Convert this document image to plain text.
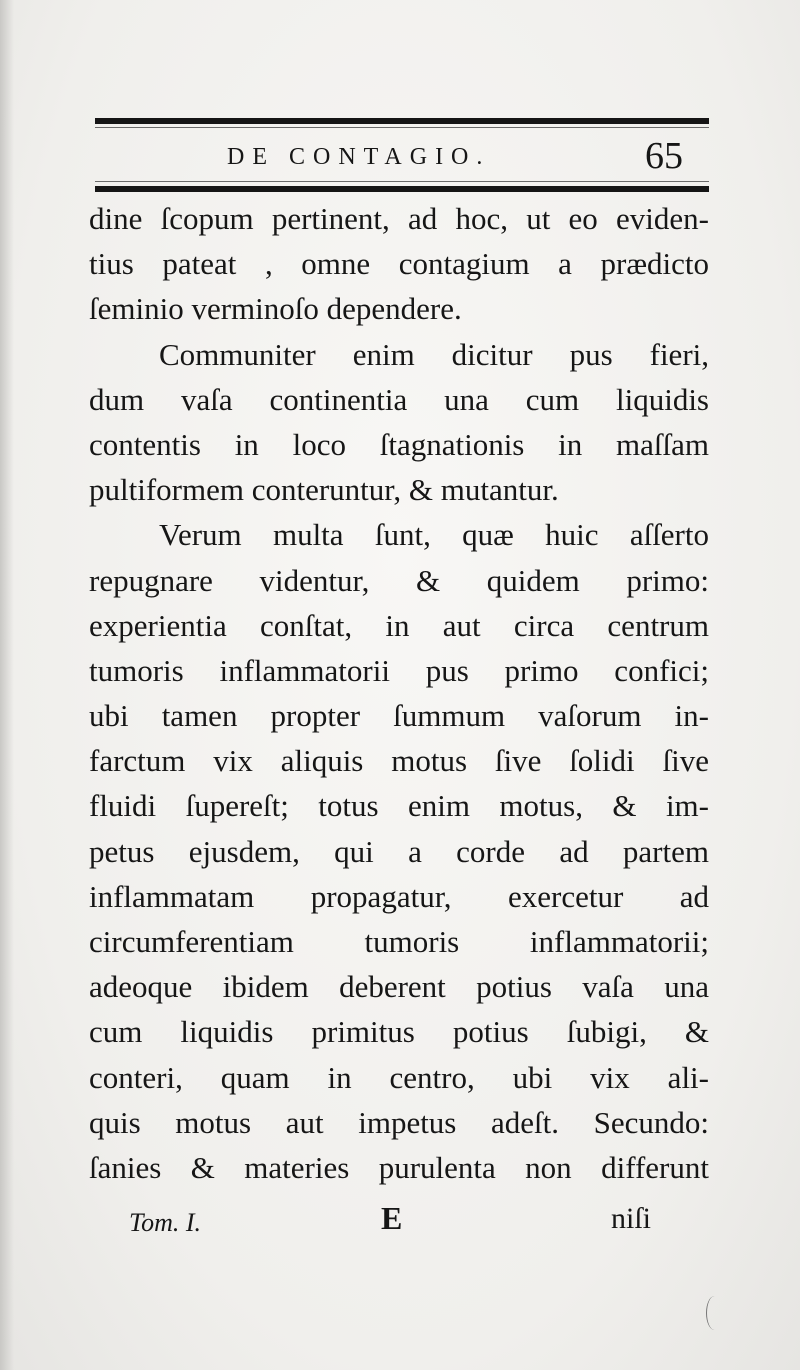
DE CONTAGIO.	65
dine ſcopum pertinent, ad hoc, ut eo eviden-
tius pateat , omne contagium a prædicto
ſeminio verminoſo dependere.
Communiter enim dicitur pus fieri,
dum vaſa continentia una cum liquidis
contentis in loco ſtagnationis in maſſam
pultiformem conteruntur, & mutantur.
Verum multa ſunt, quæ huic aſſerto
repugnare videntur, & quidem primo:
experientia conſtat, in aut circa centrum
tumoris inflammatorii pus primo confici;
ubi tamen propter ſummum vaſorum in-
farctum vix aliquis motus ſive ſolidi ſive
fluidi ſupereſt; totus enim motus, & im-
petus ejusdem, qui a corde ad partem
inflammatam propagatur, exercetur ad
circumferentiam tumoris inflammatorii;
adeoque ibidem deberent potius vaſa una
cum liquidis primitus potius ſubigi, &
conteri, quam in centro, ubi vix ali-
quis motus aut impetus adeſt. Secundo:
ſanies & materies purulenta non differunt
Tom. I.	E	niſi
